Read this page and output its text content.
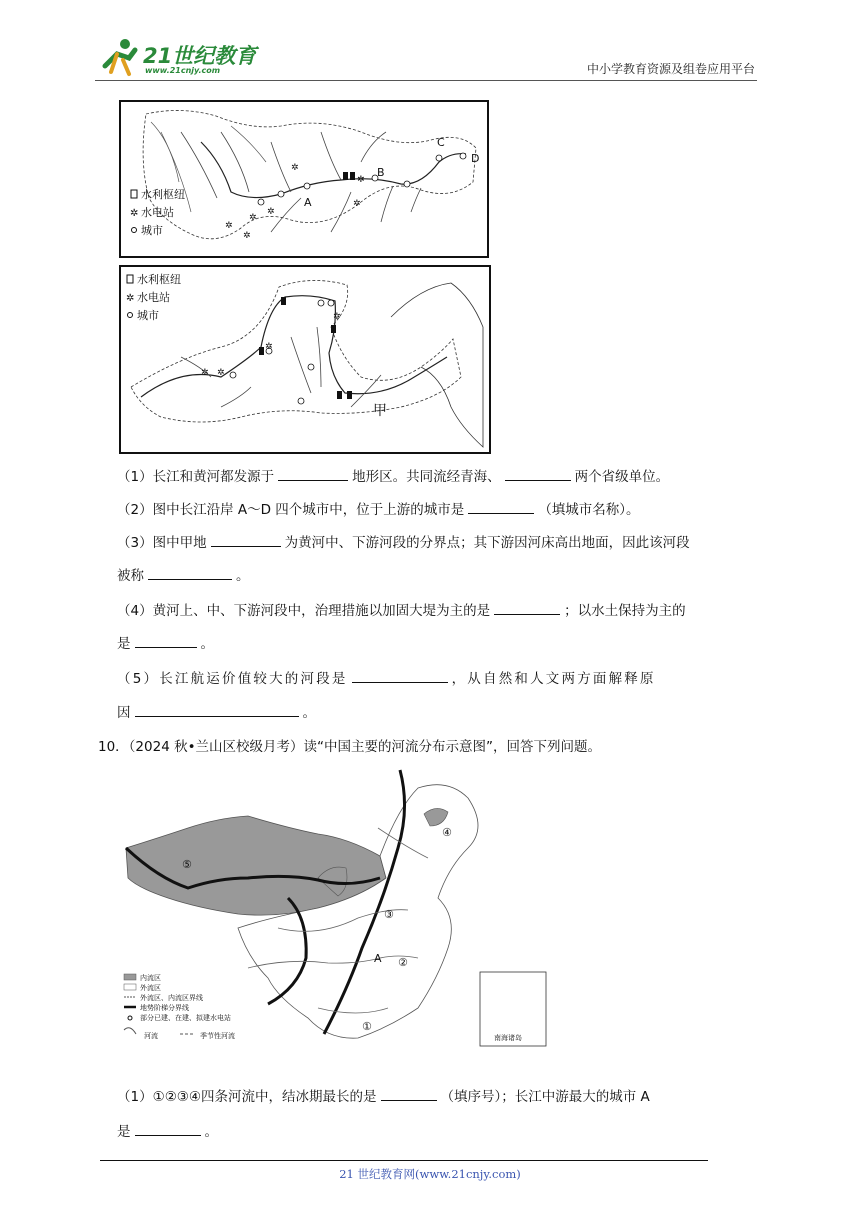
21世纪教育
www.21cnjy.com	中小学教育资源及组卷应用平台
✲
✲
✲
✲
✲
✲
✲
A
B
C
D
水利枢纽
✲ 水电站
城市
✲ ✲
✲
✲
甲
水利枢纽
✲ 水电站
城市
（1）长江和黄河都发源于	地形区。共同流经青海、	两个省级单位。
（2）图中长江沿岸 A～D 四个城市中，位于上游的城市是	（填城市名称）。
（3）图中甲地	为黄河中、下游河段的分界点；其下游因河床高出地面，因此该河段
被称	。
（4）黄河上、中、下游河段中，治理措施以加固大堤为主的是	；以水土保持为主的
是	。
（5）长江航运价值较大的河段是	，从自然和人文两方面解释原
因	。
10．（2024 秋•兰山区校级月考）读“中国主要的河流分布示意图”，回答下列问题。
⑤
④
③
②
①
A
内流区
外流区
外流区、内流区界线
地势阶梯分界线
部分已建、在建、拟建水电站
河流	季节性河流	南海诸岛
（1）①②③④四条河流中，结冰期最长的是	（填序号）；长江中游最大的城市 A
是	。
21 世纪教育网(www.21cnjy.com)
